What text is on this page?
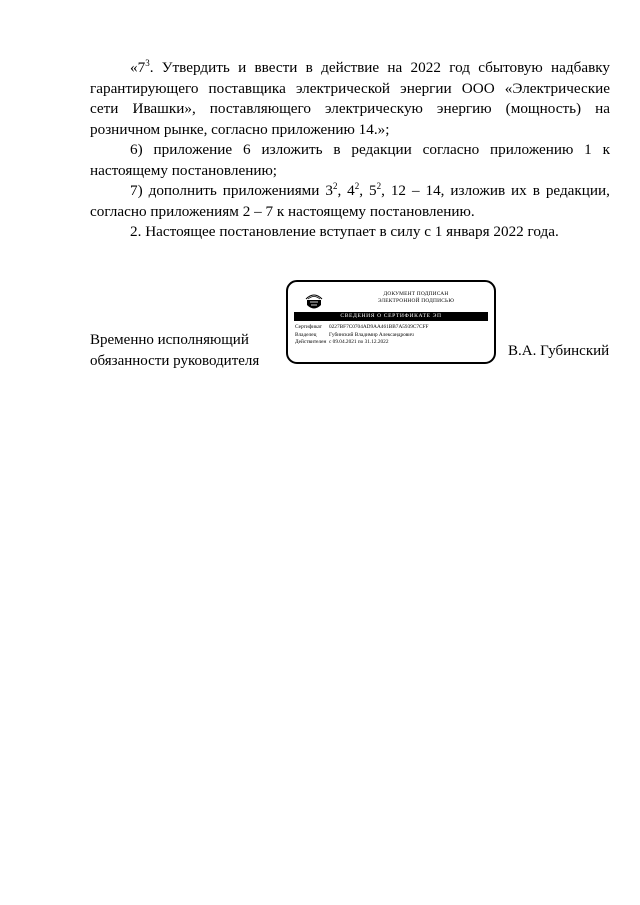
«$7^3$. Утвердить и ввести в действие на 2022 год сбытовую надбавку гарантирующего поставщика электрической энергии ООО «Электрические сети Ивашки», поставляющего электрическую энергию (мощность) на розничном рынке, согласно приложению 14.»;

6) приложение 6 изложить в редакции согласно приложению 1 к настоящему постановлению;

7) дополнить приложениями $3^2$, $4^2$, $5^2$, 12 – 14, изложив их в редакции, согласно приложениям 2 – 7 к настоящему постановлению.

2. Настоящее постановление вступает в силу с 1 января 2022 года.

Временно исполняющий
обязанности руководителя
ДОКУМЕНТ ПОДПИСАН
ЭЛЕКТРОННОЙ ПОДПИСЬЮ
СВЕДЕНИЯ О СЕРТИФИКАТЕ ЭП
Сертификат	0227BF7C0704AD9AA461BB7A5939C7CFF
Владелец	Губинский Владимир Александрович
Действителен с 09.04.2021 по 31.12.2022
В.А. Губинский
